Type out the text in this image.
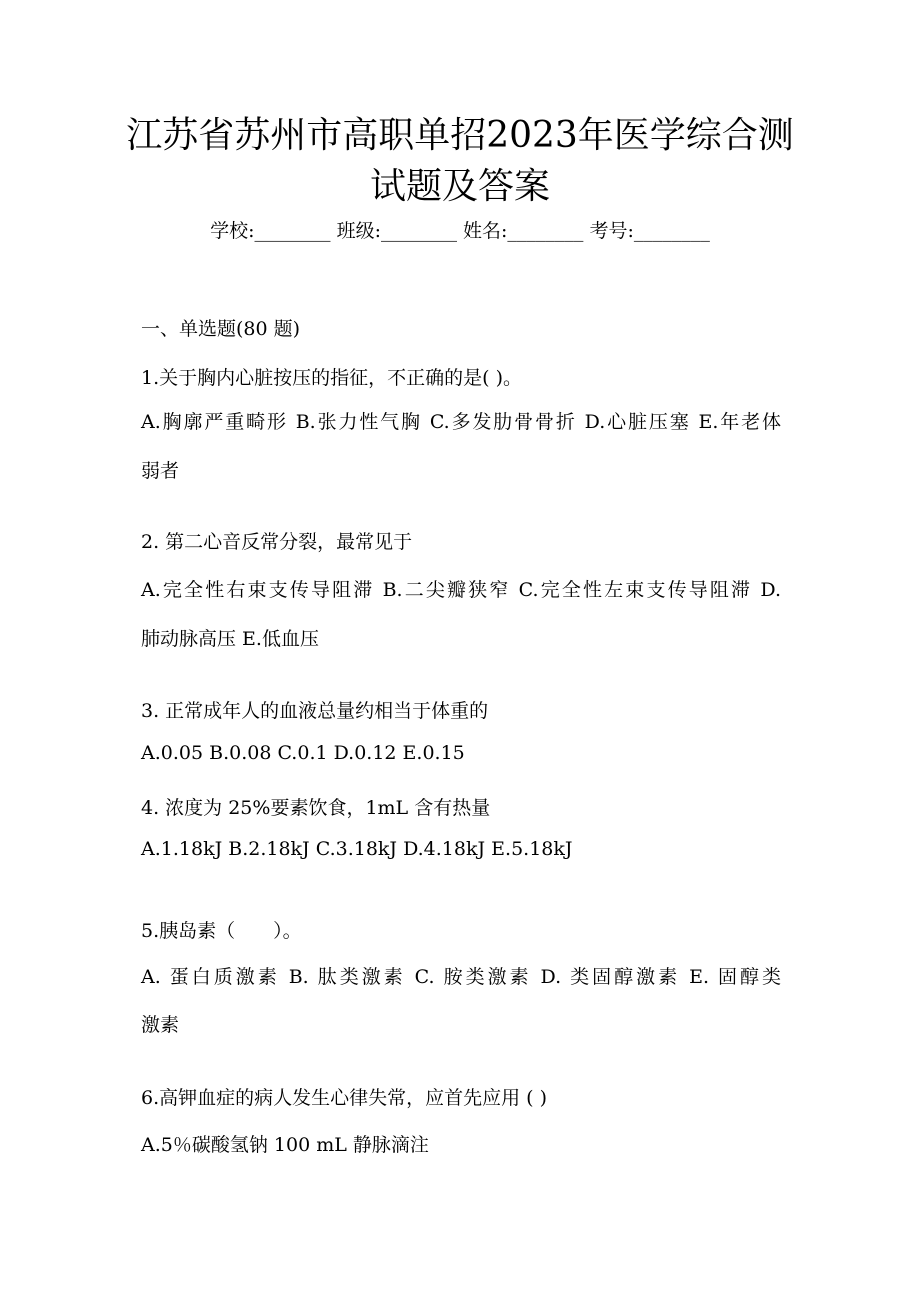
江苏省苏州市高职单招2023年医学综合测
试题及答案
学校:________ 班级:________ 姓名:________ 考号:________
一、单选题(80 题)
1.关于胸内心脏按压的指征，不正确的是( )。
A.胸廓严重畸形 B.张力性气胸 C.多发肋骨骨折 D.心脏压塞 E.年老体
弱者
2. 第二心音反常分裂，最常见于
A.完全性右束支传导阻滞 B.二尖瓣狭窄 C.完全性左束支传导阻滞 D.
肺动脉高压 E.低血压
3. 正常成年人的血液总量约相当于体重的
A.0.05 B.0.08 C.0.1 D.0.12 E.0.15
4. 浓度为 25%要素饮食，1mL 含有热量
A.1.18kJ B.2.18kJ C.3.18kJ D.4.18kJ E.5.18kJ
5.胰岛素（　　）。
A. 蛋白质激素 B. 肽类激素 C. 胺类激素 D. 类固醇激素 E. 固醇类
激素
6.高钾血症的病人发生心律失常，应首先应用 ( )
A.5％碳酸氢钠 100 mL 静脉滴注
